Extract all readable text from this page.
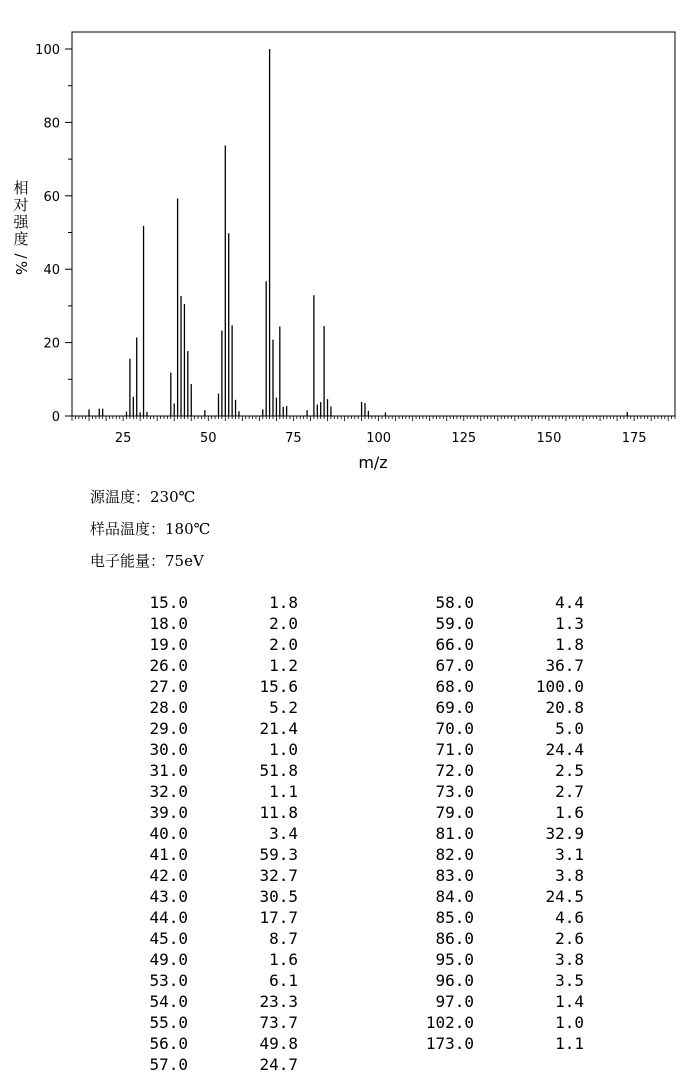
0
20
40
60
80
100
25	50	75	100	125	150	175
m/z
相
对
强
度
/
%
源温度：230℃
样品温度：180℃
电子能量：75eV
15.0	1.8
18.0	2.0
19.0	2.0
26.0	1.2
27.0	15.6
28.0	5.2
29.0	21.4
30.0	1.0
31.0	51.8
32.0	1.1
39.0	11.8
40.0	3.4
41.0	59.3
42.0	32.7
43.0	30.5
44.0	17.7
45.0	8.7
49.0	1.6
53.0	6.1
54.0	23.3
55.0	73.7
56.0	49.8
57.0	24.7
58.0	4.4
59.0	1.3
66.0	1.8
67.0	36.7
68.0	100.0
69.0	20.8
70.0	5.0
71.0	24.4
72.0	2.5
73.0	2.7
79.0	1.6
81.0	32.9
82.0	3.1
83.0	3.8
84.0	24.5
85.0	4.6
86.0	2.6
95.0	3.8
96.0	3.5
97.0	1.4
102.0	1.0
173.0	1.1
